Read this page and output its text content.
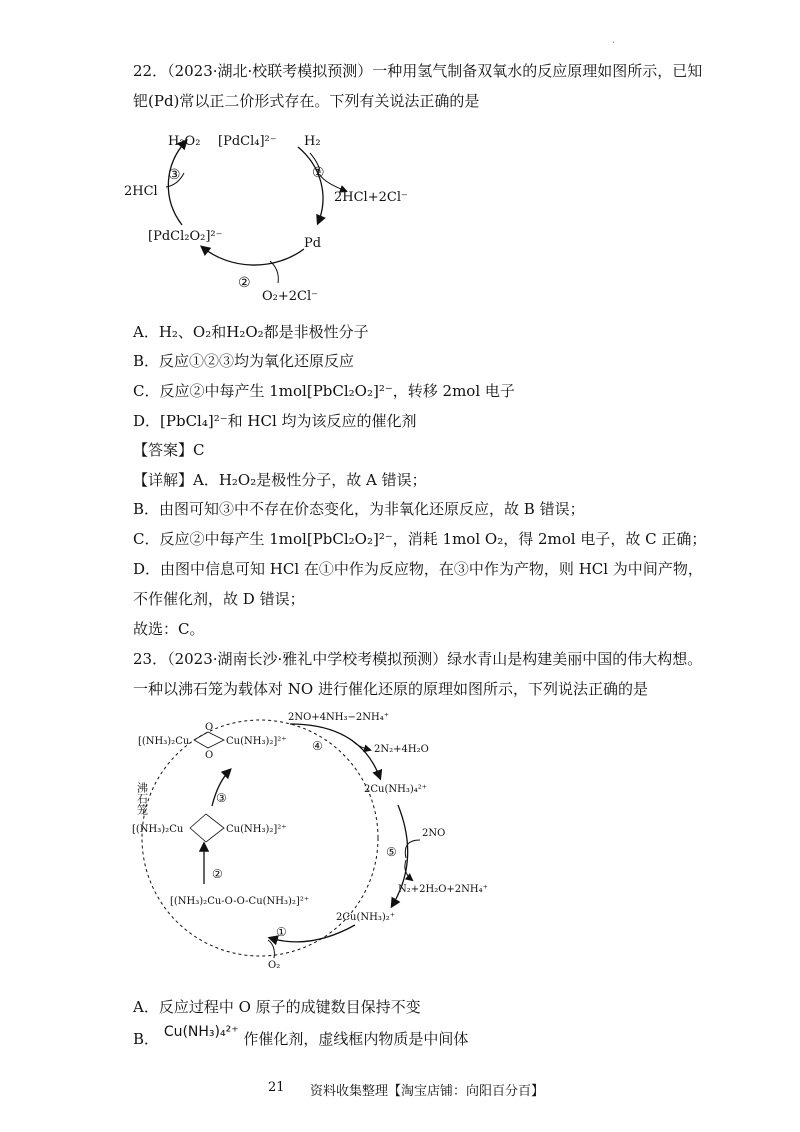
·
22．（2023·湖北·校联考模拟预测）一种用氢气制备双氧水的反应原理如图所示，已知
钯(Pd)常以正二价形式存在。下列有关说法正确的是
H₂O₂ [PdCl₄]²⁻ H₂
③	①
2HCl	2HCl+2Cl⁻
[PdCl₂O₂]²⁻	Pd
②
O₂+2Cl⁻
A．H₂、O₂和H₂O₂都是非极性分子
B．反应①②③均为氧化还原反应
C．反应②中每产生 1mol[PbCl₂O₂]²⁻，转移 2mol 电子
D．[PbCl₄]²⁻和 HCl 均为该反应的催化剂
【答案】C
【详解】A．H₂O₂是极性分子，故 A 错误；
B．由图可知③中不存在价态变化，为非氧化还原反应，故 B 错误；
C．反应②中每产生 1mol[PbCl₂O₂]²⁻，消耗 1mol O₂，得 2mol 电子，故 C 正确；
D．由图中信息可知 HCl 在①中作为反应物，在③中作为产物，则 HCl 为中间产物，
不作催化剂，故 D 错误；
故选：C。
23．（2023·湖南长沙·雅礼中学校考模拟预测）绿水青山是构建美丽中国的伟大构想。
一种以沸石笼为载体对 NO 进行催化还原的原理如图所示，下列说法正确的是
2NO+4NH₃−2NH₄⁺
2N₂+4H₂O
④
O
[(NH₃)₂Cu	Cu(NH₃)₂]²⁺
O
沸石笼	③
2Cu(NH₃)₄²⁺
[(NH₃)₂Cu	Cu(NH₃)₂]²⁺	2NO
⑤
②
N₂+2H₂O+2NH₄⁺
[(NH₃)₂Cu-O-O-Cu(NH₃)₂]²⁺
2Cu(NH₃)₂⁺
①
O₂
A．反应过程中 O 原子的成键数目保持不变
B． Cu(NH₃)₄²⁺ 作催化剂，虚线框内物质是中间体
21 资料收集整理【淘宝店铺：向阳百分百】
